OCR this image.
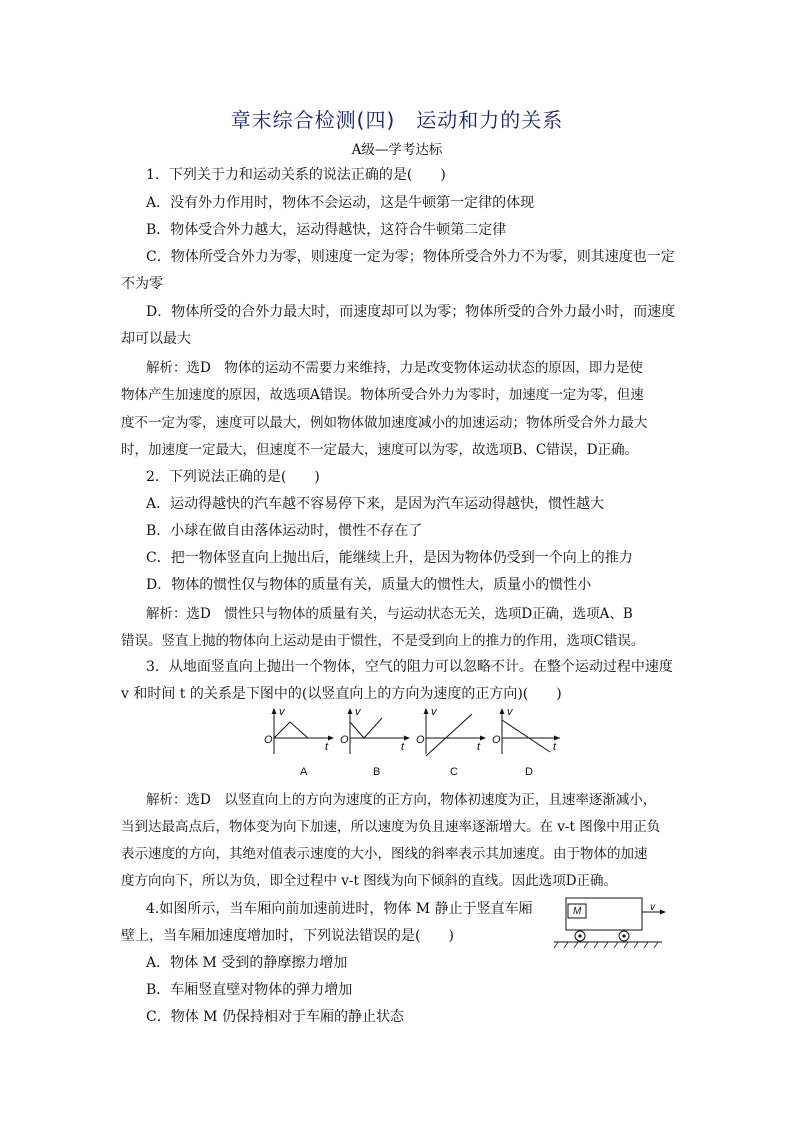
章末综合检测(四)　运动和力的关系
A级—学考达标
1．下列关于力和运动关系的说法正确的是(　　)
A．没有外力作用时，物体不会运动，这是牛顿第一定律的体现
B．物体受合外力越大，运动得越快，这符合牛顿第二定律
C．物体所受合外力为零，则速度一定为零；物体所受合外力不为零，则其速度也一定
不为零
D．物体所受的合外力最大时，而速度却可以为零；物体所受的合外力最小时，而速度
却可以最大
解析：选D　物体的运动不需要力来维持，力是改变物体运动状态的原因，即力是使
物体产生加速度的原因，故选项A错误。物体所受合外力为零时，加速度一定为零，但速
度不一定为零，速度可以最大，例如物体做加速度减小的加速运动；物体所受合外力最大
时，加速度一定最大，但速度不一定最大，速度可以为零，故选项B、C错误，D正确。
2．下列说法正确的是(　　)
A．运动得越快的汽车越不容易停下来，是因为汽车运动得越快，惯性越大
B．小球在做自由落体运动时，惯性不存在了
C．把一物体竖直向上抛出后，能继续上升，是因为物体仍受到一个向上的推力
D．物体的惯性仅与物体的质量有关，质量大的惯性大，质量小的惯性小
解析：选D　惯性只与物体的质量有关，与运动状态无关，选项D正确，选项A、B
错误。竖直上抛的物体向上运动是由于惯性，不是受到向上的推力的作用，选项C错误。
3．从地面竖直向上抛出一个物体，空气的阻力可以忽略不计。在整个运动过程中速度
v 和时间 t 的关系是下图中的(以竖直向上的方向为速度的正方向)(　　)
v
O
t
A
v
O
t
B
v
O
t
C
v
O
t
D
解析：选D　以竖直向上的方向为速度的正方向，物体初速度为正，且速率逐渐减小，
当到达最高点后，物体变为向下加速，所以速度为负且速率逐渐增大。在 v-t 图像中用正负
表示速度的方向，其绝对值表示速度的大小，图线的斜率表示其加速度。由于物体的加速
度方向向下，所以为负，即全过程中 v-t 图线为向下倾斜的直线。因此选项D正确。
4.如图所示，当车厢向前加速前进时，物体 M 静止于竖直车厢
壁上，当车厢加速度增加时，下列说法错误的是(　　)
A．物体 M 受到的静摩擦力增加
B．车厢竖直壁对物体的弹力增加
C．物体 M 仍保持相对于车厢的静止状态
M	v
